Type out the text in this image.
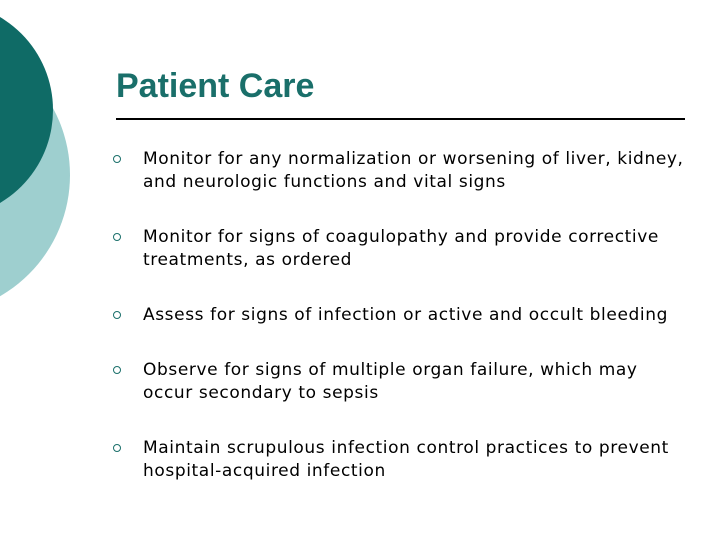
Patient Care
Monitor for any normalization or worsening of liver, kidney, and neurologic functions and vital signs
Monitor for signs of coagulopathy and provide corrective treatments, as ordered
Assess for signs of infection or active and occult bleeding
Observe for signs of multiple organ failure, which may occur secondary to sepsis
Maintain scrupulous infection control practices to prevent hospital-acquired infection
